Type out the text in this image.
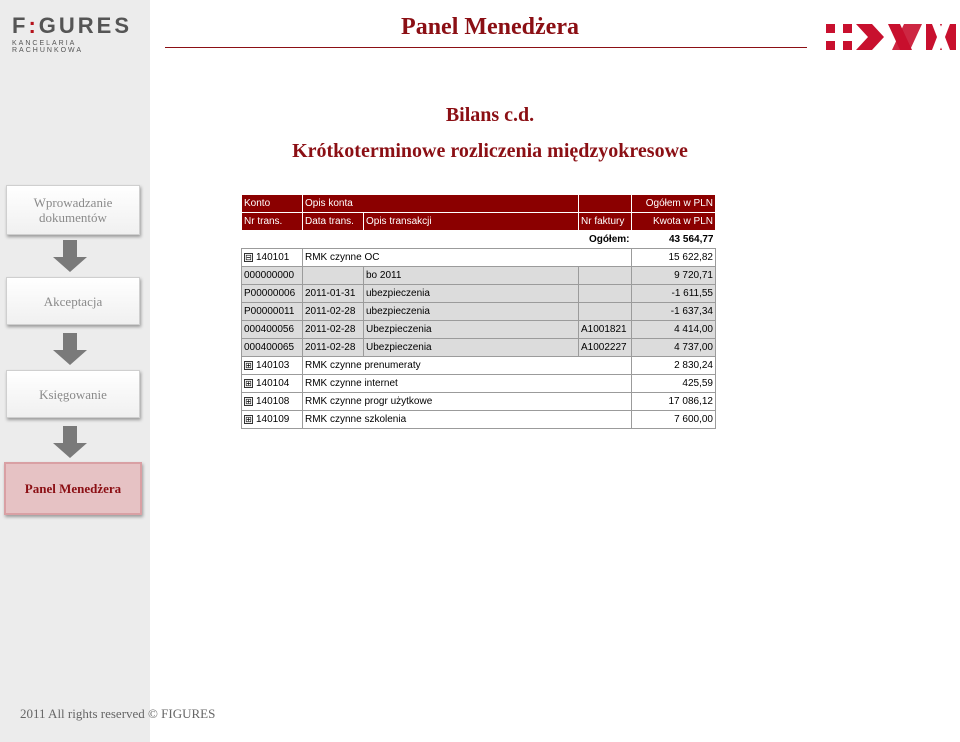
F:GURES
KANCELARIA RACHUNKOWA
Wprowadzanie dokumentów
Akceptacja
Księgowanie
Panel Menedżera
Panel Menedżera
Bilans c.d.
Krótkoterminowe rozliczenia międzyokresowe
Konto	Opis konta			Ogółem w PLN
Nr trans.	Data trans.	Opis transakcji	Nr faktury	Kwota w PLN
Ogółem:				43 564,77
⊟ 140101	RMK czynne OC			15 622,82
000000000		bo 2011		9 720,71
P00000006	2011-01-31	ubezpieczenia		-1 611,55
P00000011	2011-02-28	ubezpieczenia		-1 637,34
000400056	2011-02-28	Ubezpieczenia	A1001821	4 414,00
000400065	2011-02-28	Ubezpieczenia	A1002227	4 737,00
⊞ 140103	RMK czynne prenumeraty			2 830,24
⊞ 140104	RMK czynne internet			425,59
⊞ 140108	RMK czynne progr użytkowe			17 086,12
⊞ 140109	RMK czynne szkolenia			7 600,00
2011 All rights reserved © FIGURES
